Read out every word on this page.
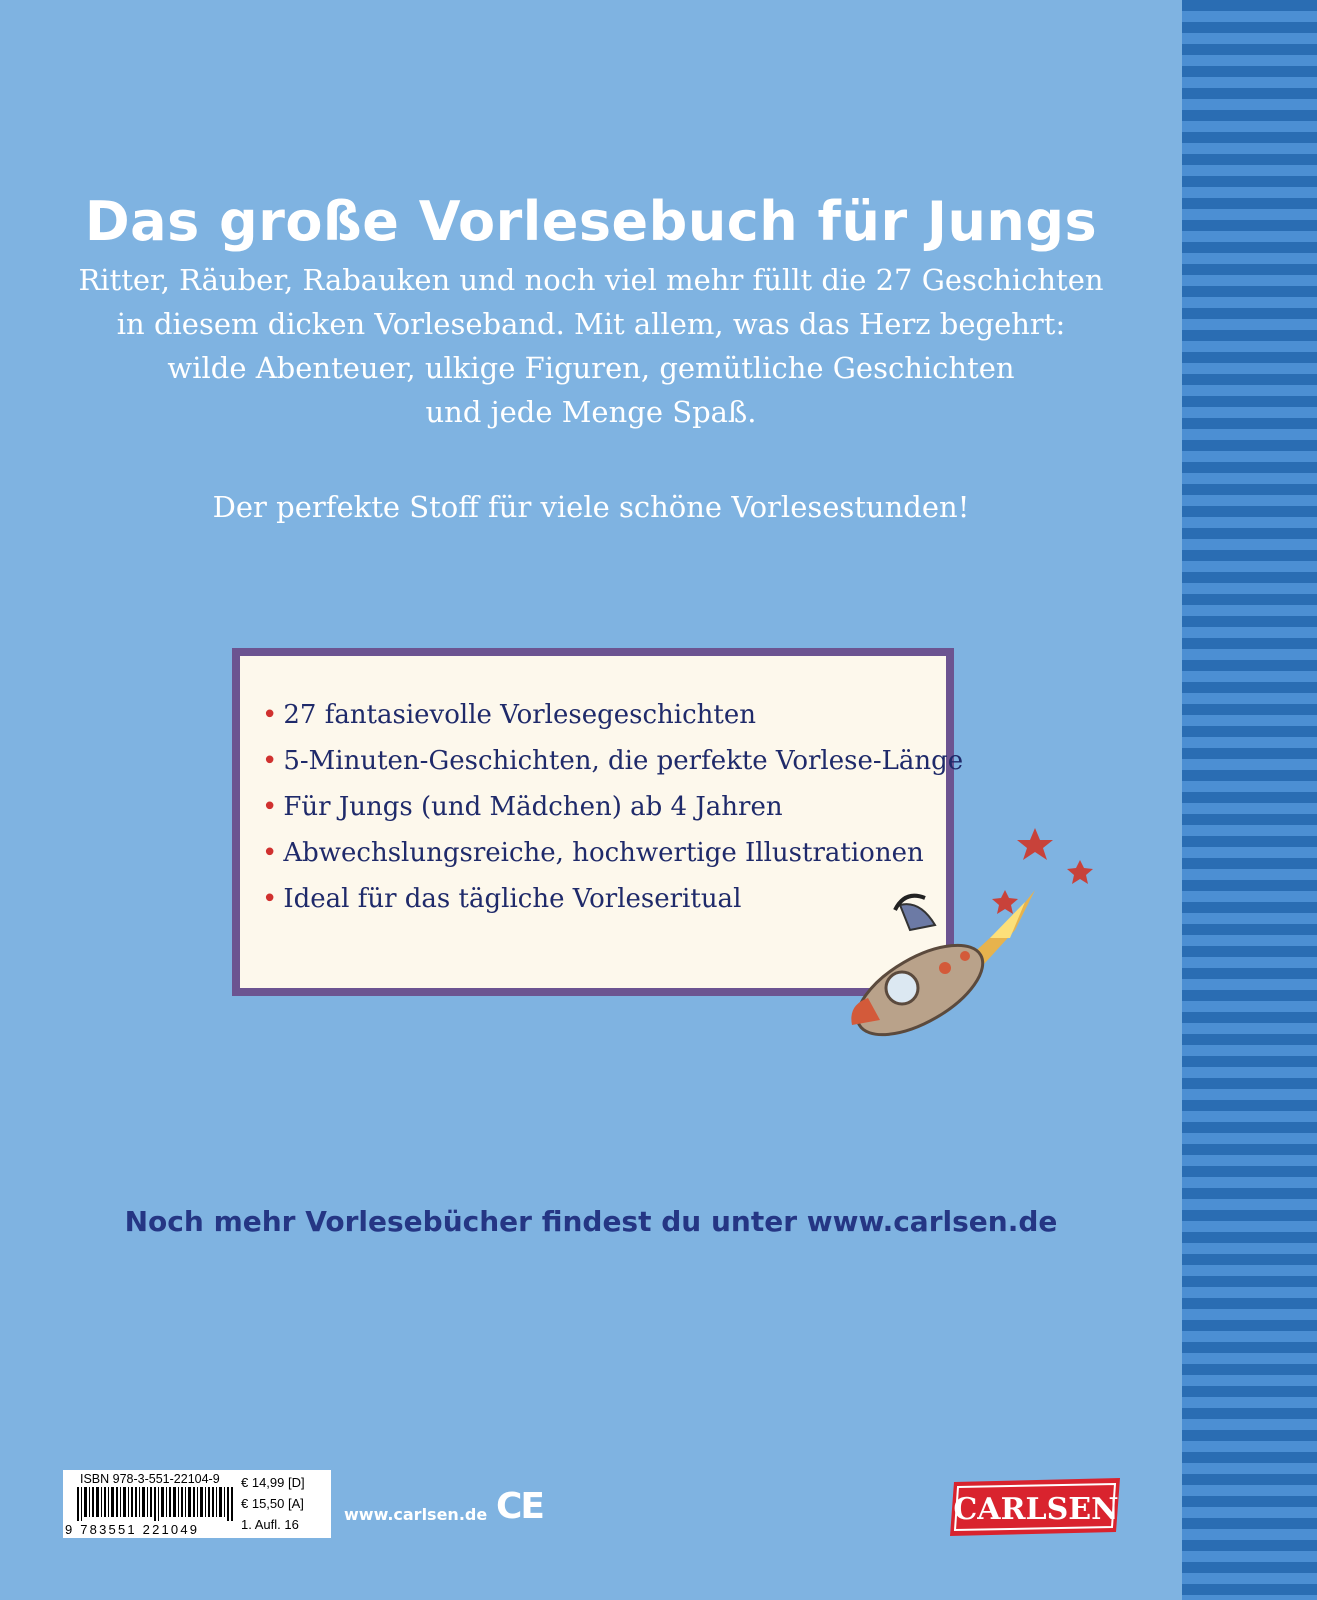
Das große Vorlesebuch für Jungs
Ritter, Räuber, Rabauken und noch viel mehr füllt die 27 Geschichten
in diesem dicken Vorleseband. Mit allem, was das Herz begehrt:
wilde Abenteuer, ulkige Figuren, gemütliche Geschichten
und jede Menge Spaß.
Der perfekte Stoff für viele schöne Vorlesestunden!
• 27 fantasievolle Vorlesegeschichten
• 5-Minuten-Geschichten, die perfekte Vorlese-Länge
• Für Jungs (und Mädchen) ab 4 Jahren
• Abwechslungsreiche, hochwertige Illustrationen
• Ideal für das tägliche Vorleseritual
Noch mehr Vorlesebücher findest du unter www.carlsen.de
ISBN 978-3-551-22104-9
9 783551 221049
€ 14,99 [D]
€ 15,50 [A]
1. Aufl. 16
www.carlsen.de CE	CARLSEN
